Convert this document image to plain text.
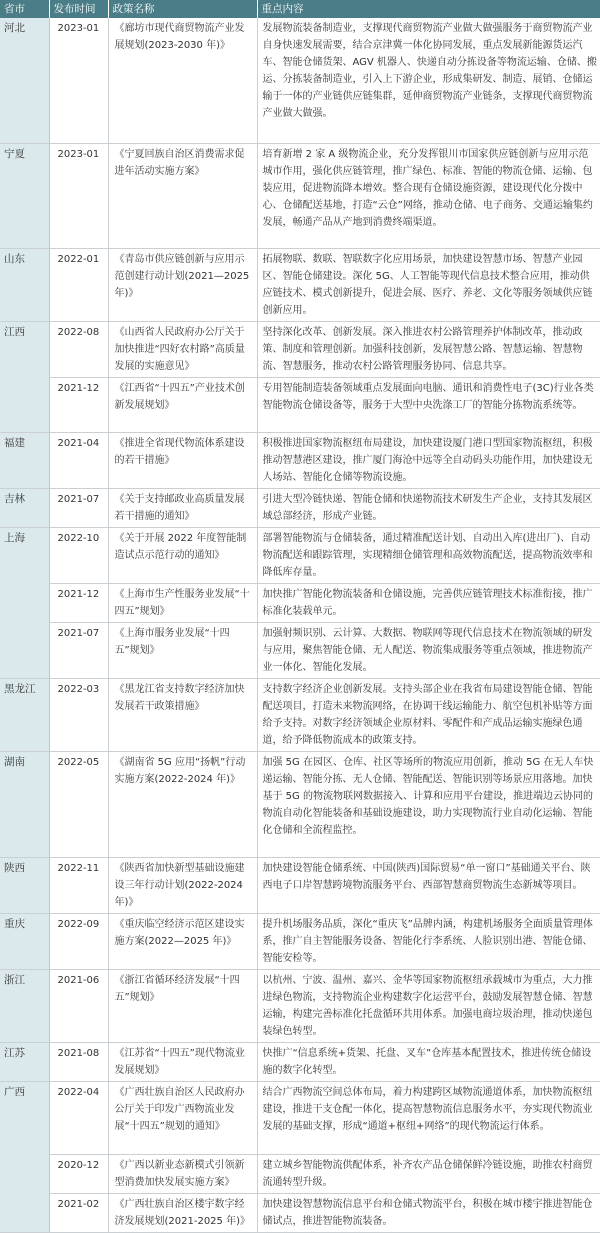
省市	发布时间	政策名称	重点内容
河北	2023-01	《廊坊市现代商贸物流产业发展规划(2023-2030 年)》	发展物流装备制造业，支撑现代商贸物流产业做大做强服务于商贸物流产业自身快速发展需要，结合京津冀一体化协同发展，重点发展新能源货运汽车、智能仓储货架、AGV 机器人、快递自动分拣设备等物流运输、仓储、搬运、分拣装备制造业，引入上下游企业，形成集研发、制造、展销、仓储运输于一体的产业链供应链集群，延伸商贸物流产业链条，支撑现代商贸物流产业做大做强。
宁夏	2023-01	《宁夏回族自治区消费需求促进年活动实施方案》	培育新增 2 家 A 级物流企业，充分发挥银川市国家供应链创新与应用示范城市作用，强化供应链管理，推广绿色、标准、智能的物流仓储、运输、包装应用，促进物流降本增效。整合现有仓储设施资源，建设现代化分拨中心、仓储配送基地，打造“云仓”网络，推动仓储、电子商务、交通运输集约发展，畅通产品从产地到消费终端渠道。
山东	2022-01	《青岛市供应链创新与应用示范创建行动计划(2021—2025年)》	拓展物联、数联、智联数字化应用场景，加快建设智慧市场、智慧产业园区、智能仓储建设。深化 5G、人工智能等现代信息技术整合应用，推动供应链技术、模式创新提升，促进会展、医疗、养老、文化等服务领域供应链创新应用。
江西	2022-08	《山西省人民政府办公厅关于加快推进“四好农村路”高质量发展的实施意见》	坚持深化改革、创新发展。深入推进农村公路管理养护体制改革，推动政策、制度和管理创新。加强科技创新，发展智慧公路、智慧运输、智慧物流、智慧服务，推动农村公路管理服务协同、信息共享。
	2021-12	《江西省“十四五”产业技术创新发展规划》	专用智能制造装备领域重点发展面向电脑、通讯和消费性电子(3C)行业各类智能物流仓储设备等，服务于大型中央洗涤工厂的智能分拣物流系统等。
福建	2021-04	《推进全省现代物流体系建设的若干措施》	积极推进国家物流枢纽布局建设，加快建设厦门港口型国家物流枢纽，积极推动智慧港区建设，推广厦门海沧中远等全自动码头功能作用，加快建设无人场站、智能化仓储等物流设施。
吉林	2021-07	《关于支持邮政业高质量发展若干措施的通知》	引进大型冷链快递、智能仓储和快递物流技术研发生产企业，支持其发展区域总部经济，形成产业链。
上海	2022-10	《关于开展 2022 年度智能制造试点示范行动的通知》	部署智能物流与仓储装备，通过精准配送计划、自动出入库(进出厂)、自动物流配送和跟踪管理，实现精细仓储管理和高效物流配送，提高物流效率和降低库存量。
	2021-12	《上海市生产性服务业发展“十四五”规划》	加快推广智能化物流装备和仓储设施，完善供应链管理技术标准衔接，推广标准化装载单元。
	2021-07	《上海市服务业发展“十四五”规划》	加强射频识别、云计算、大数据、物联网等现代信息技术在物流领域的研发与应用，聚焦智能仓储、无人配送、物流集成服务等重点领域，推进物流产业一体化、智能化发展。
黑龙江	2022-03	《黑龙江省支持数字经济加快发展若干政策措施》	支持数字经济企业创新发展。支持头部企业在我省布局建设智能仓储、智能配送项目，打造未来物流网络，在协调干线运输能力、航空包机补贴等方面给予支持。对数字经济领域企业原材料、零配件和产成品运输实施绿色通道，给予降低物流成本的政策支持。
湖南	2022-05	《湖南省 5G 应用“扬帆”行动实施方案(2022-2024 年)》	加强 5G 在园区、仓库、社区等场所的物流应用创新，推动 5G 在无人车快递运输、智能分拣、无人仓储、智能配送、智能识别等场景应用落地。加快基于 5G 的物流物联网数据接入、计算和应用平台建设，推进端边云协同的物流自动化智能装备和基础设施建设，助力实现物流行业自动化运输、智能化仓储和全流程监控。
陕西	2022-11	《陕西省加快新型基础设施建设三年行动计划(2022-2024年)》	加快建设智能仓储系统、中国(陕西)国际贸易“单一窗口”基础通关平台、陕西电子口岸智慧跨境物流服务平台、西部智慧商贸物流生态新城等项目。
重庆	2022-09	《重庆临空经济示范区建设实施方案(2022—2025 年)》	提升机场服务品质，深化“重庆飞”品牌内涵，构建机场服务全面质量管理体系，推广自主智能服务设备、智能化行李系统、人脸识别出港、智能仓储、智能安检等。
浙江	2021-06	《浙江省循环经济发展“十四五”规划》	以杭州、宁波、温州、嘉兴、金华等国家物流枢纽承载城市为重点，大力推进绿色物流，支持物流企业构建数字化运营平台，鼓励发展智慧仓储、智慧运输，构建完善标准化托盘循环共用体系。加强电商垃圾治理，推动快递包装绿色转型。
江苏	2021-08	《江苏省“十四五”现代物流业发展规划》	快推广“信息系统+货架、托盘、叉车”仓库基本配置技术，推进传统仓储设施的数字化转型。
广西	2022-04	《广西壮族自治区人民政府办公厅关于印发广西物流业发展“十四五”规划的通知》	结合广西物流空间总体布局，着力构建跨区域物流通道体系，加快物流枢纽建设，推进干支仓配一体化，提高智慧物流信息服务水平，夯实现代物流业发展的基础支撑，形成“通道+枢纽+网络”的现代物流运行体系。
	2020-12	《广西以新业态新模式引领新型消费加快发展实施方案》	建立城乡智能物流供配体系，补齐农产品仓储保鲜冷链设施，助推农村商贸流通转型升级。
	2021-02	《广西壮族自治区楼宇数字经济发展规划(2021-2025 年)》	加快建设智慧物流信息平台和仓储式物流平台，积极在城市楼宇推进智能仓储试点，推进智能物流装备。
